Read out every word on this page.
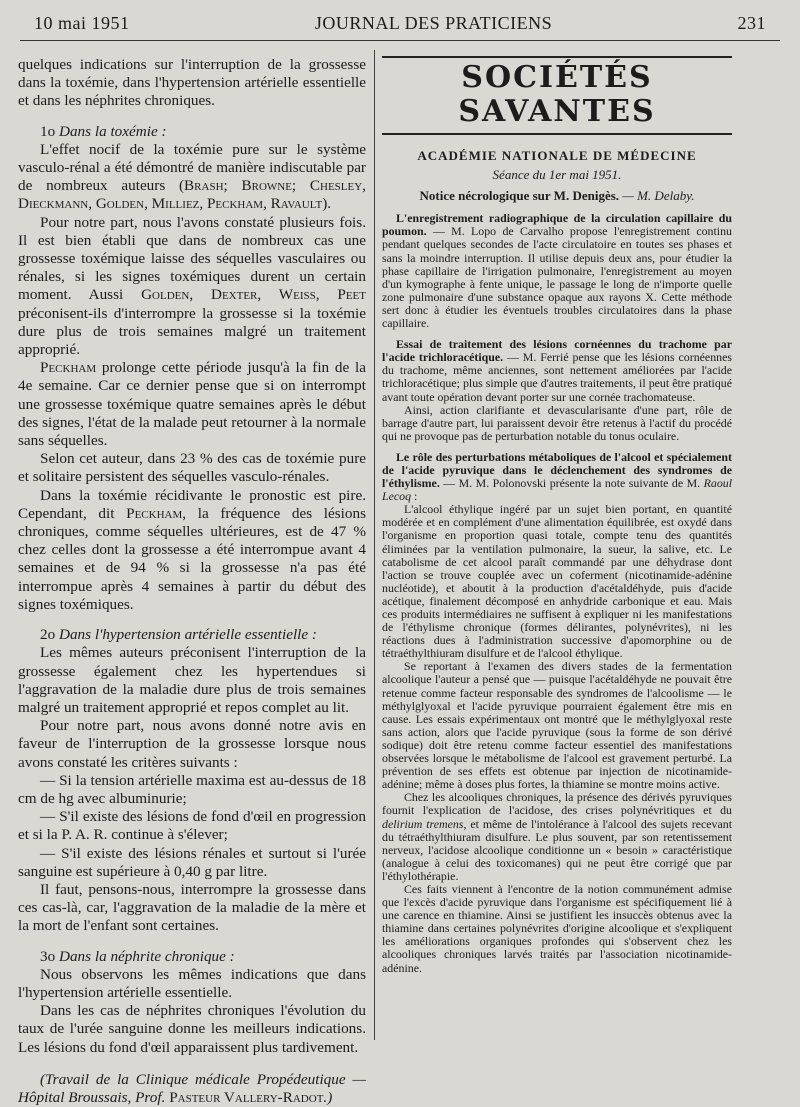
10 mai 1951	JOURNAL DES PRATICIENS	231

quelques indications sur l'interruption de la grossesse dans la toxémie, dans l'hypertension artérielle essentielle et dans les néphrites chroniques.

1o Dans la toxémie :

L'effet nocif de la toxémie pure sur le système vasculo-rénal a été démontré de manière indiscutable par de nombreux auteurs (Brash; Browne; Chesley, Dieckmann, Golden, Milliez, Peckham, Ravault).

Pour notre part, nous l'avons constaté plusieurs fois. Il est bien établi que dans de nombreux cas une grossesse toxémique laisse des séquelles vasculaires ou rénales, si les signes toxémiques durent un certain moment. Aussi Golden, Dexter, Weiss, Peet préconisent-ils d'interrompre la grossesse si la toxémie dure plus de trois semaines malgré un traitement approprié.

Peckham prolonge cette période jusqu'à la fin de la 4e semaine. Car ce dernier pense que si on interrompt une grossesse toxémique quatre semaines après le début des signes, l'état de la malade peut retourner à la normale sans séquelles.

Selon cet auteur, dans 23 % des cas de toxémie pure et solitaire persistent des séquelles vasculo-rénales.

Dans la toxémie récidivante le pronostic est pire. Cependant, dit Peckham, la fréquence des lésions chroniques, comme séquelles ultérieures, est de 47 % chez celles dont la grossesse a été interrompue avant 4 semaines et de 94 % si la grossesse n'a pas été interrompue après 4 semaines à partir du début des signes toxémiques.

2o Dans l'hypertension artérielle essentielle :

Les mêmes auteurs préconisent l'interruption de la grossesse également chez les hypertendues si l'aggravation de la maladie dure plus de trois semaines malgré un traitement approprié et repos complet au lit.

Pour notre part, nous avons donné notre avis en faveur de l'interruption de la grossesse lorsque nous avons constaté les critères suivants :

— Si la tension artérielle maxima est au-dessus de 18 cm de hg avec albuminurie;

— S'il existe des lésions de fond d'œil en progression et si la P. A. R. continue à s'élever;

— S'il existe des lésions rénales et surtout si l'urée sanguine est supérieure à 0,40 g par litre.

Il faut, pensons-nous, interrompre la grossesse dans ces cas-là, car, l'aggravation de la maladie de la mère et la mort de l'enfant sont certaines.

3o Dans la néphrite chronique :

Nous observons les mêmes indications que dans l'hypertension artérielle essentielle.

Dans les cas de néphrites chroniques l'évolution du taux de l'urée sanguine donne les meilleurs indications. Les lésions du fond d'œil apparaissent plus tardivement.

(Travail de la Clinique médicale Propédeutique — Hôpital Broussais, Prof. Pasteur Vallery-Radot.)

SOCIÉTÉS SAVANTES
ACADÉMIE NATIONALE DE MÉDECINE
Séance du 1er mai 1951.
Notice nécrologique sur M. Denigès. — M. Delaby.

L'enregistrement radiographique de la circulation capillaire du poumon. — M. Lopo de Carvalho propose l'enregistrement continu pendant quelques secondes de l'acte circulatoire en toutes ses phases et sans la moindre interruption. Il utilise depuis deux ans, pour étudier la phase capillaire de l'irrigation pulmonaire, l'enregistrement au moyen d'un kymographe à fente unique, le passage le long de n'importe quelle zone pulmonaire d'une substance opaque aux rayons X. Cette méthode sert donc à étudier les éventuels troubles circulatoires dans la phase capillaire.

Essai de traitement des lésions cornéennes du trachome par l'acide trichloracétique. — M. Ferrié pense que les lésions cornéennes du trachome, même anciennes, sont nettement améliorées par l'acide trichloracétique; plus simple que d'autres traitements, il peut être pratiqué avant toute opération devant porter sur une cornée trachomateuse.

Ainsi, action clarifiante et devascularisante d'une part, rôle de barrage d'autre part, lui paraissent devoir être retenus à l'actif du procédé qui ne provoque pas de perturbation notable du tonus oculaire.

Le rôle des perturbations métaboliques de l'alcool et spécialement de l'acide pyruvique dans le déclenchement des syndromes de l'éthylisme. — M. M. Polonovski présente la note suivante de M. Raoul Lecoq :

L'alcool éthylique ingéré par un sujet bien portant, en quantité modérée et en complément d'une alimentation équilibrée, est oxydé dans l'organisme en proportion quasi totale, compte tenu des quantités éliminées par la ventilation pulmonaire, la sueur, la salive, etc. Le catabolisme de cet alcool paraît commandé par une déhydrase dont l'action se trouve couplée avec un coferment (nicotinamide-adénine nucléotide), et aboutit à la production d'acétaldéhyde, puis d'acide acétique, finalement décomposé en anhydride carbonique et eau. Mais ces produits intermédiaires ne suffisent à expliquer ni les manifestations de l'éthylisme chronique (formes délirantes, polynévrites), ni les réactions dues à l'administration successive d'apomorphine ou de tétraéthylthiuram disulfure et de l'alcool éthylique.

Se reportant à l'examen des divers stades de la fermentation alcoolique l'auteur a pensé que — puisque l'acétaldéhyde ne pouvait être retenue comme facteur responsable des syndromes de l'alcoolisme — le méthylglyoxal et l'acide pyruvique pourraient également être mis en cause. Les essais expérimentaux ont montré que le méthylglyoxal reste sans action, alors que l'acide pyruvique (sous la forme de son dérivé sodique) doit être retenu comme facteur essentiel des manifestations observées lorsque le métabolisme de l'alcool est gravement perturbé. La prévention de ses effets est obtenue par injection de nicotinamide-adénine; même à doses plus fortes, la thiamine se montre moins active.

Chez les alcooliques chroniques, la présence des dérivés pyruviques fournit l'explication de l'acidose, des crises polynévritiques et du delirium tremens, et même de l'intolérance à l'alcool des sujets recevant du tétraéthylthiuram disulfure. Le plus souvent, par son retentissement nerveux, l'acidose alcoolique conditionne un « besoin » caractéristique (analogue à celui des toxicomanes) qui ne peut être corrigé que par l'éthylothérapie.

Ces faits viennent à l'encontre de la notion communément admise que l'excès d'acide pyruvique dans l'organisme est spécifiquement lié à une carence en thiamine. Ainsi se justifient les insuccès obtenus avec la thiamine dans certaines polynévrites d'origine alcoolique et s'expliquent les améliorations organiques profondes qui s'observent chez les alcooliques chroniques larvés traités par l'association nicotinamide-adénine.
